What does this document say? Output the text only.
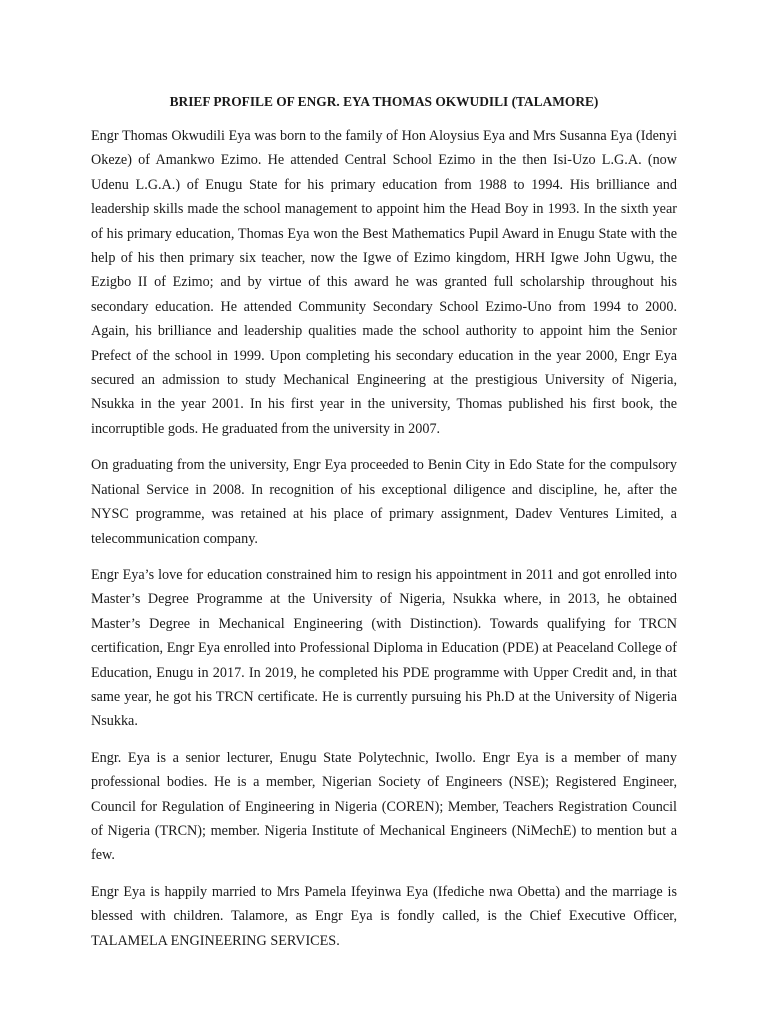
BRIEF PROFILE OF ENGR. EYA THOMAS OKWUDILI (TALAMORE)

Engr Thomas Okwudili Eya was born to the family of Hon Aloysius Eya and Mrs Susanna Eya (Idenyi Okeze) of Amankwo Ezimo. He attended Central School Ezimo in the then Isi-Uzo L.G.A. (now Udenu L.G.A.) of Enugu State for his primary education from 1988 to 1994. His brilliance and leadership skills made the school management to appoint him the Head Boy in 1993. In the sixth year of his primary education, Thomas Eya won the Best Mathematics Pupil Award in Enugu State with the help of his then primary six teacher, now the Igwe of Ezimo kingdom, HRH Igwe John Ugwu, the Ezigbo II of Ezimo; and by virtue of this award he was granted full scholarship throughout his secondary education. He attended Community Secondary School Ezimo-Uno from 1994 to 2000. Again, his brilliance and leadership qualities made the school authority to appoint him the Senior Prefect of the school in 1999. Upon completing his secondary education in the year 2000, Engr Eya secured an admission to study Mechanical Engineering at the prestigious University of Nigeria, Nsukka in the year 2001. In his first year in the university, Thomas published his first book, the incorruptible gods. He graduated from the university in 2007.

On graduating from the university, Engr Eya proceeded to Benin City in Edo State for the compulsory National Service in 2008. In recognition of his exceptional diligence and discipline, he, after the NYSC programme, was retained at his place of primary assignment, Dadev Ventures Limited, a telecommunication company.

Engr Eya’s love for education constrained him to resign his appointment in 2011 and got enrolled into Master’s Degree Programme at the University of Nigeria, Nsukka where, in 2013, he obtained Master’s Degree in Mechanical Engineering (with Distinction). Towards qualifying for TRCN certification, Engr Eya enrolled into Professional Diploma in Education (PDE) at Peaceland College of Education, Enugu in 2017. In 2019, he completed his PDE programme with Upper Credit and, in that same year, he got his TRCN certificate. He is currently pursuing his Ph.D at the University of Nigeria Nsukka.

Engr. Eya is a senior lecturer, Enugu State Polytechnic, Iwollo. Engr Eya is a member of many professional bodies. He is a member, Nigerian Society of Engineers (NSE); Registered Engineer, Council for Regulation of Engineering in Nigeria (COREN); Member, Teachers Registration Council of Nigeria (TRCN); member. Nigeria Institute of Mechanical Engineers (NiMechE) to mention but a few.

Engr Eya is happily married to Mrs Pamela Ifeyinwa Eya (Ifediche nwa Obetta) and the marriage is blessed with children. Talamore, as Engr Eya is fondly called, is the Chief Executive Officer, TALAMELA ENGINEERING SERVICES.
